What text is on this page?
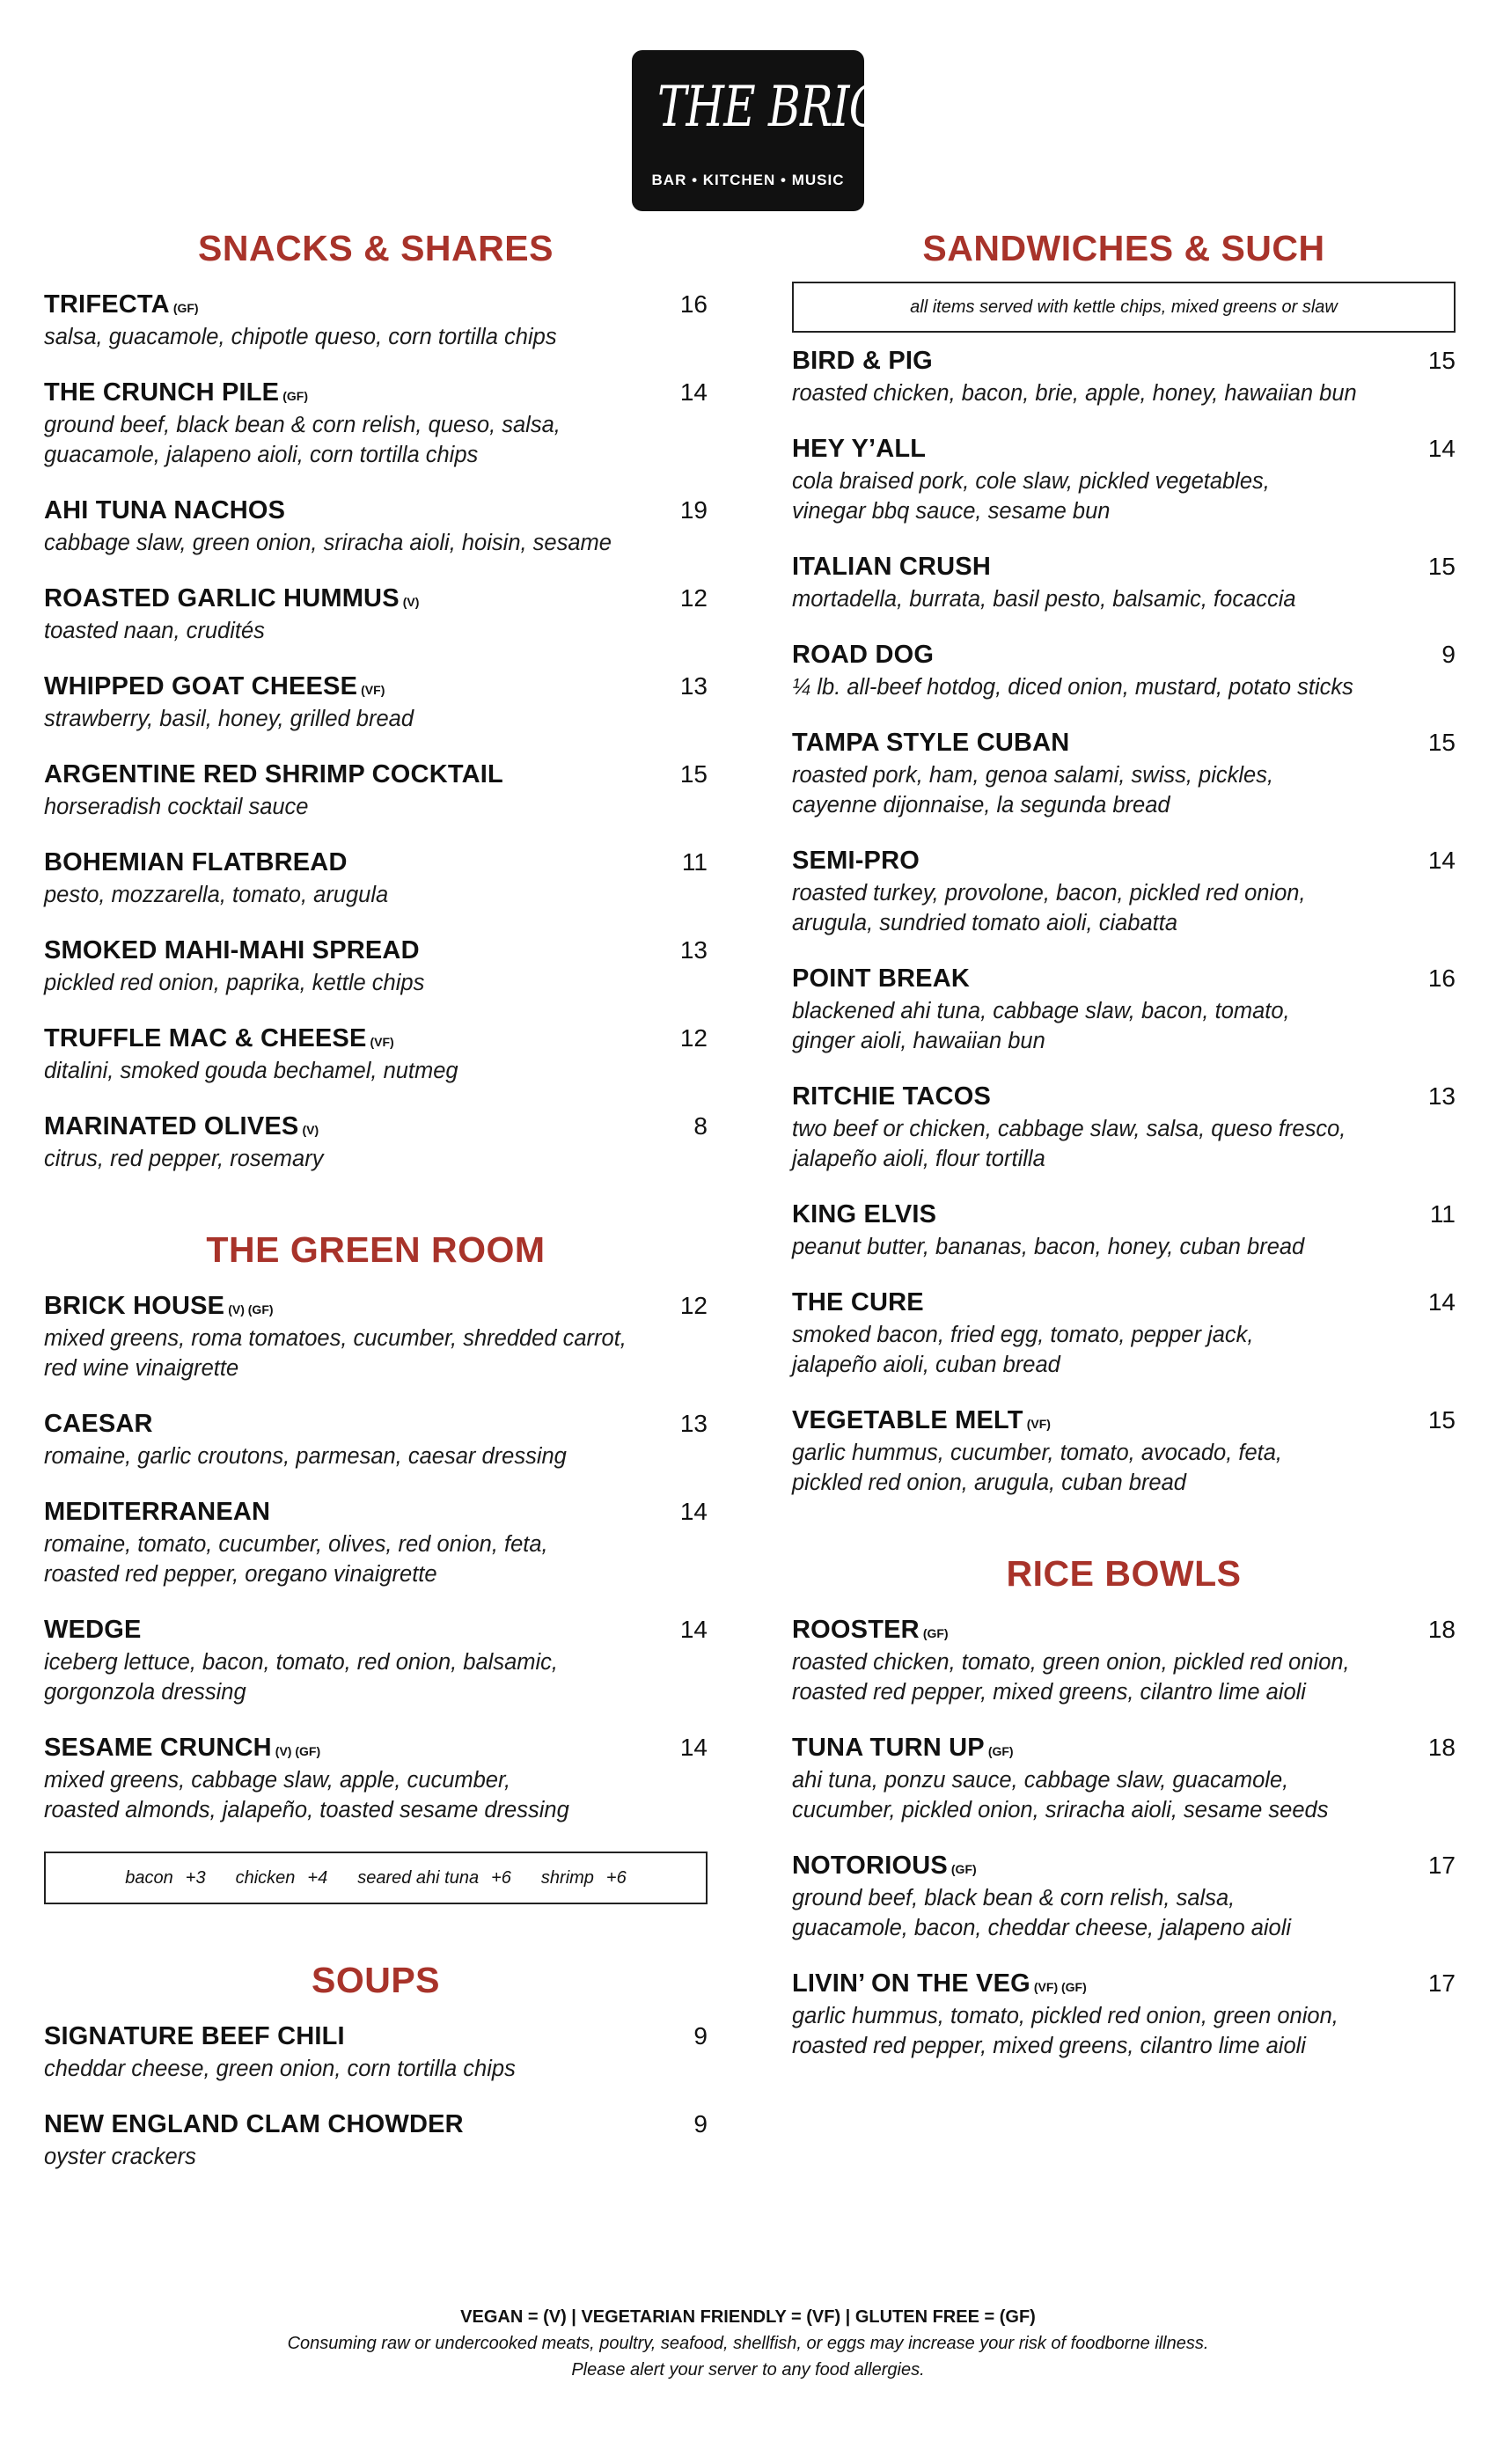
THE BRICKS
BAR • KITCHEN • MUSIC
SNACKS & SHARES
TRIFECTA (GF)	16
salsa, guacamole, chipotle queso, corn tortilla chips
THE CRUNCH PILE (GF)	14
ground beef, black bean & corn relish, queso, salsa,
guacamole, jalapeno aioli, corn tortilla chips
AHI TUNA NACHOS	19
cabbage slaw, green onion, sriracha aioli, hoisin, sesame
ROASTED GARLIC HUMMUS (V)	12
toasted naan, crudités
WHIPPED GOAT CHEESE (VF)	13
strawberry, basil, honey, grilled bread
ARGENTINE RED SHRIMP COCKTAIL	15
horseradish cocktail sauce
BOHEMIAN FLATBREAD	11
pesto, mozzarella, tomato, arugula
SMOKED MAHI-MAHI SPREAD	13
pickled red onion, paprika, kettle chips
TRUFFLE MAC & CHEESE (VF)	12
ditalini, smoked gouda bechamel, nutmeg
MARINATED OLIVES (V)	8
citrus, red pepper, rosemary
THE GREEN ROOM
BRICK HOUSE (V) (GF)	12
mixed greens, roma tomatoes, cucumber, shredded carrot,
red wine vinaigrette
CAESAR	13
romaine, garlic croutons, parmesan, caesar dressing
MEDITERRANEAN	14
romaine, tomato, cucumber, olives, red onion, feta,
roasted red pepper, oregano vinaigrette
WEDGE	14
iceberg lettuce, bacon, tomato, red onion, balsamic,
gorgonzola dressing
SESAME CRUNCH (V) (GF)	14
mixed greens, cabbage slaw, apple, cucumber,
roasted almonds, jalapeño, toasted sesame dressing
bacon +3 chicken +4 seared ahi tuna +6 shrimp +6
SOUPS
SIGNATURE BEEF CHILI	9
cheddar cheese, green onion, corn tortilla chips
NEW ENGLAND CLAM CHOWDER	9
oyster crackers
SANDWICHES & SUCH
all items served with kettle chips, mixed greens or slaw
BIRD & PIG	15
roasted chicken, bacon, brie, apple, honey, hawaiian bun
HEY Y’ALL	14
cola braised pork, cole slaw, pickled vegetables,
vinegar bbq sauce, sesame bun
ITALIAN CRUSH	15
mortadella, burrata, basil pesto, balsamic, focaccia
ROAD DOG	9
¼ lb. all-beef hotdog, diced onion, mustard, potato sticks
TAMPA STYLE CUBAN	15
roasted pork, ham, genoa salami, swiss, pickles,
cayenne dijonnaise, la segunda bread
SEMI-PRO	14
roasted turkey, provolone, bacon, pickled red onion,
arugula, sundried tomato aioli, ciabatta
POINT BREAK	16
blackened ahi tuna, cabbage slaw, bacon, tomato,
ginger aioli, hawaiian bun
RITCHIE TACOS	13
two beef or chicken, cabbage slaw, salsa, queso fresco,
jalapeño aioli, flour tortilla
KING ELVIS	11
peanut butter, bananas, bacon, honey, cuban bread
THE CURE	14
smoked bacon, fried egg, tomato, pepper jack,
jalapeño aioli, cuban bread
VEGETABLE MELT (VF)	15
garlic hummus, cucumber, tomato, avocado, feta,
pickled red onion, arugula, cuban bread
RICE BOWLS
ROOSTER (GF)	18
roasted chicken, tomato, green onion, pickled red onion,
roasted red pepper, mixed greens, cilantro lime aioli
TUNA TURN UP (GF)	18
ahi tuna, ponzu sauce, cabbage slaw, guacamole,
cucumber, pickled onion, sriracha aioli, sesame seeds
NOTORIOUS (GF)	17
ground beef, black bean & corn relish, salsa,
guacamole, bacon, cheddar cheese, jalapeno aioli
LIVIN’ ON THE VEG (VF) (GF)	17
garlic hummus, tomato, pickled red onion, green onion,
roasted red pepper, mixed greens, cilantro lime aioli
VEGAN = (V) | VEGETARIAN FRIENDLY = (VF) | GLUTEN FREE = (GF)
Consuming raw or undercooked meats, poultry, seafood, shellfish, or eggs may increase your risk of foodborne illness.
Please alert your server to any food allergies.
